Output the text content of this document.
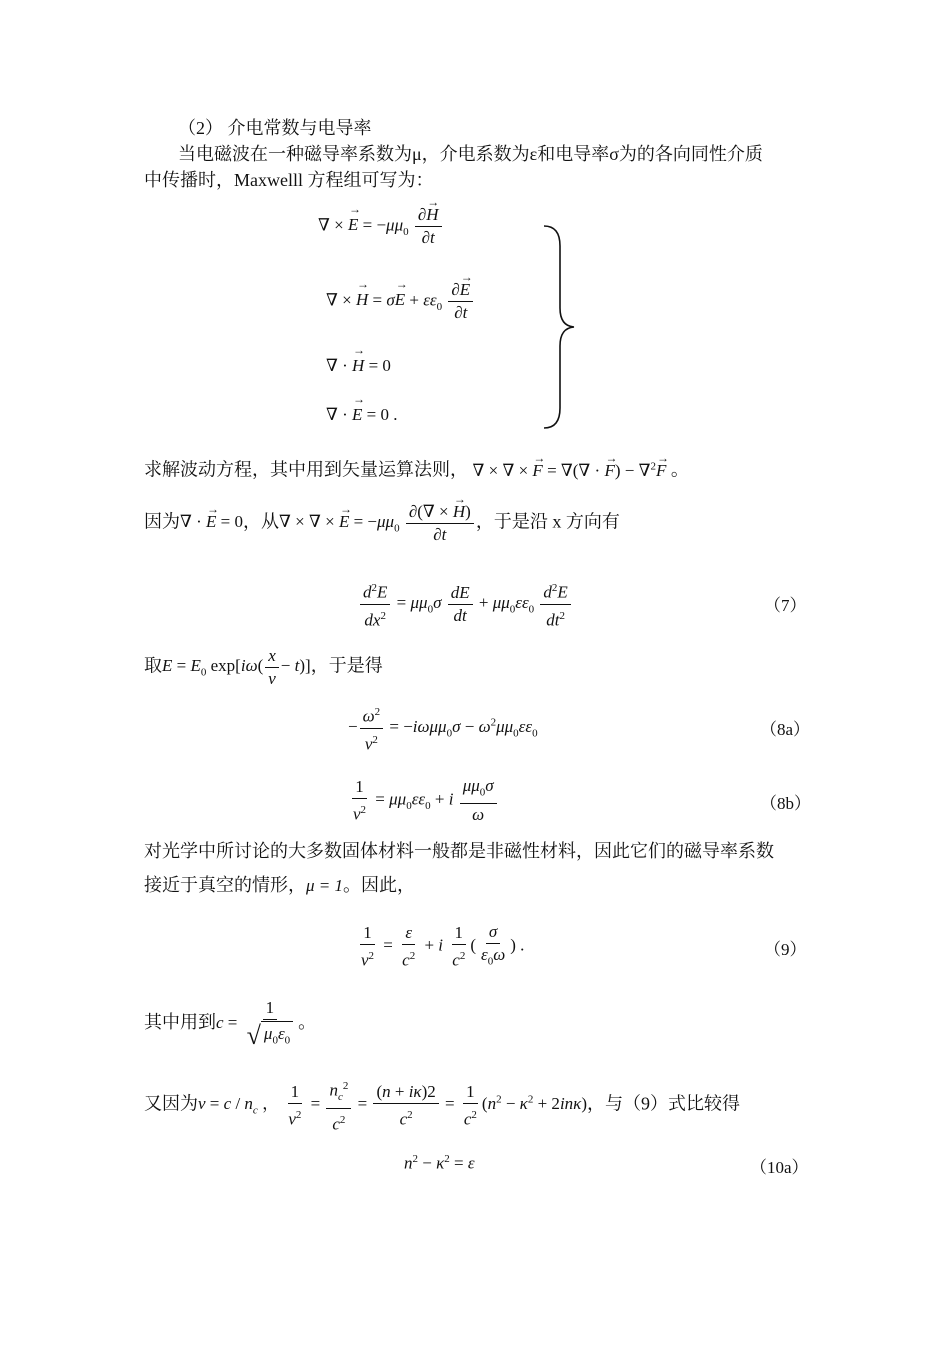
（2） 介电常数与电导率
当电磁波在一种磁导率系数为μ，介电系数为ε和电导率σ为的各向同性介质
中传播时，Maxwelll 方程组可写为：
∇ × → $E = -\mu\mu_0 \frac{\partial\to H}{\partial t}$
∇ × → $H = \sigma\to E + \varepsilon\varepsilon_0 \frac{\partial\to E}{\partial t}$
∇ · → H = 0
∇ · → E = 0 .
求解波动方程，其中用到矢量运算法则， ∇ × ∇ × → F = ∇(∇ · → F) − ∇$^2$→ F 。
因为∇ · → E = 0，从∇ × ∇ × → $E = -\mu\mu_0 \frac{\partial(\nabla \times \to H)}{\partial t}$ ，于是沿 x 方向有
$\frac{d^2E}{dx^2} = \mu\mu_0\sigma \frac{dE}{dt} + \mu\mu_0\varepsilon\varepsilon_0 \frac{d^2E}{dt^2}$	（7）
取$E = E_0$ $\exp[i\omega( \frac{x}{v} - t)]$，于是得
− $\frac{\omega^2}{v^2} = -i\omega\mu\mu_0\sigma - \omega^2\mu\mu_0\varepsilon\varepsilon_0$	（8a）
$\frac{1}{v^2} = \mu\mu_0\varepsilon\varepsilon_0 + i \frac{\mu\mu_0\sigma}{\omega}$	（8b）
对光学中所讨论的大多数固体材料一般都是非磁性材料，因此它们的磁导率系数
接近于真空的情形，μ = 1。因此，
$\frac{1}{v^2} = \frac{\varepsilon}{c^2} + i \frac{1}{c^2}$ ( $\frac{\sigma}{\varepsilon_0\omega}$ ) .	（9）
其中用到$c = \frac{1}{√ \mu_0\varepsilon_0}$ 。
又因为$v = c / n_c$ ， $\frac{1}{v^2} = \frac{n_c^2}{c^2} = \frac{(n + i\kappa)2}{c^2} = \frac{1}{c^2} (n^2 - \kappa^2 + 2in\kappa)$，与（9）式比较得
$n^2 - \kappa^2 = \varepsilon$	（10a）
